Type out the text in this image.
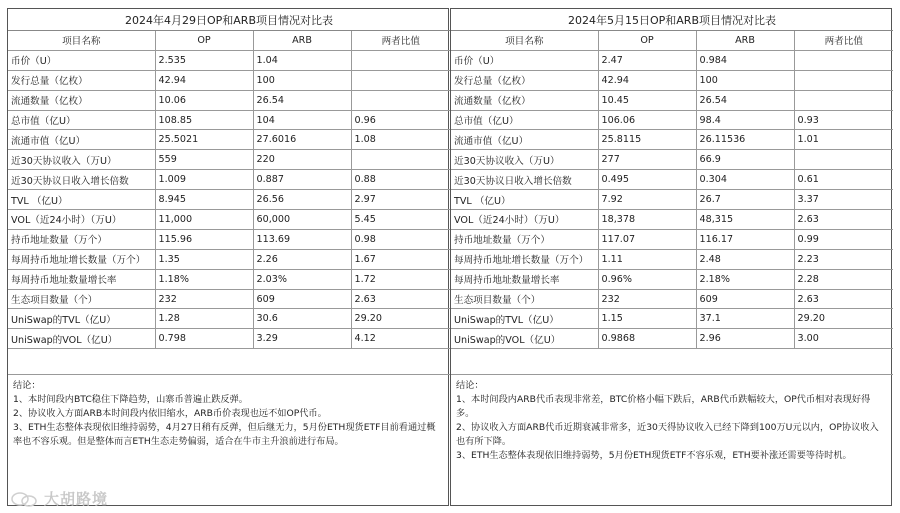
2024年4月29日OP和ARB项目情况对比表			
项目名称	OP	ARB	两者比值
币价（U）	2.535	1.04	
发行总量（亿枚）	42.94	100	
流通数量（亿枚）	10.06	26.54	
总市值（亿U）	108.85	104	0.96
流通市值（亿U）	25.5021	27.6016	1.08
近30天协议收入（万U）	559	220	
近30天协议日收入增长倍数	1.009	0.887	0.88
TVL （亿U）	8.945	26.56	2.97
VOL（近24小时）（万U）	11,000	60,000	5.45
持币地址数量（万个）	115.96	113.69	0.98
每周持币地址增长数量（万个）	1.35	2.26	1.67
每周持币地址数量增长率	1.18%	2.03%	1.72
生态项目数量（个）	232	609	2.63
UniSwap的TVL（亿U）	1.28	30.6	29.20
UniSwap的VOL（亿U）	0.798	3.29	4.12

结论：

1、本时间段内BTC稳住下降趋势，山寨币普遍止跌反弹。

2、协议收入方面ARB本时间段内依旧缩水，ARB币价表现也远不如OP代币。

3、ETH生态整体表现依旧维持弱势，4月27日稍有反弹，但后继无力，5月份ETH现货ETF目前看通过概率也不容乐观。但是整体而言ETH生态走势偏弱，适合在牛市主升浪前进行布局。

2024年5月15日OP和ARB项目情况对比表			
项目名称	OP	ARB	两者比值
币价（U）	2.47	0.984	
发行总量（亿枚）	42.94	100	
流通数量（亿枚）	10.45	26.54	
总市值（亿U）	106.06	98.4	0.93
流通市值（亿U）	25.8115	26.11536	1.01
近30天协议收入（万U）	277	66.9	
近30天协议日收入增长倍数	0.495	0.304	0.61
TVL （亿U）	7.92	26.7	3.37
VOL（近24小时）（万U）	18,378	48,315	2.63
持币地址数量（万个）	117.07	116.17	0.99
每周持币地址增长数量（万个）	1.11	2.48	2.23
每周持币地址数量增长率	0.96%	2.18%	2.28
生态项目数量（个）	232	609	2.63
UniSwap的TVL（亿U）	1.15	37.1	29.20
UniSwap的VOL（亿U）	0.9868	2.96	3.00

结论：

1、本时间段内ARB代币表现非常差，BTC价格小幅下跌后，ARB代币跌幅较大，OP代币相对表现好得多。

2、协议收入方面ARB代币近期衰减非常多，近30天得协议收入已经下降到100万U元以内，OP协议收入也有所下降。

3、ETH生态整体表现依旧维持弱势，5月份ETH现货ETF不容乐观，ETH要补涨还需要等待时机。

大胡路境
